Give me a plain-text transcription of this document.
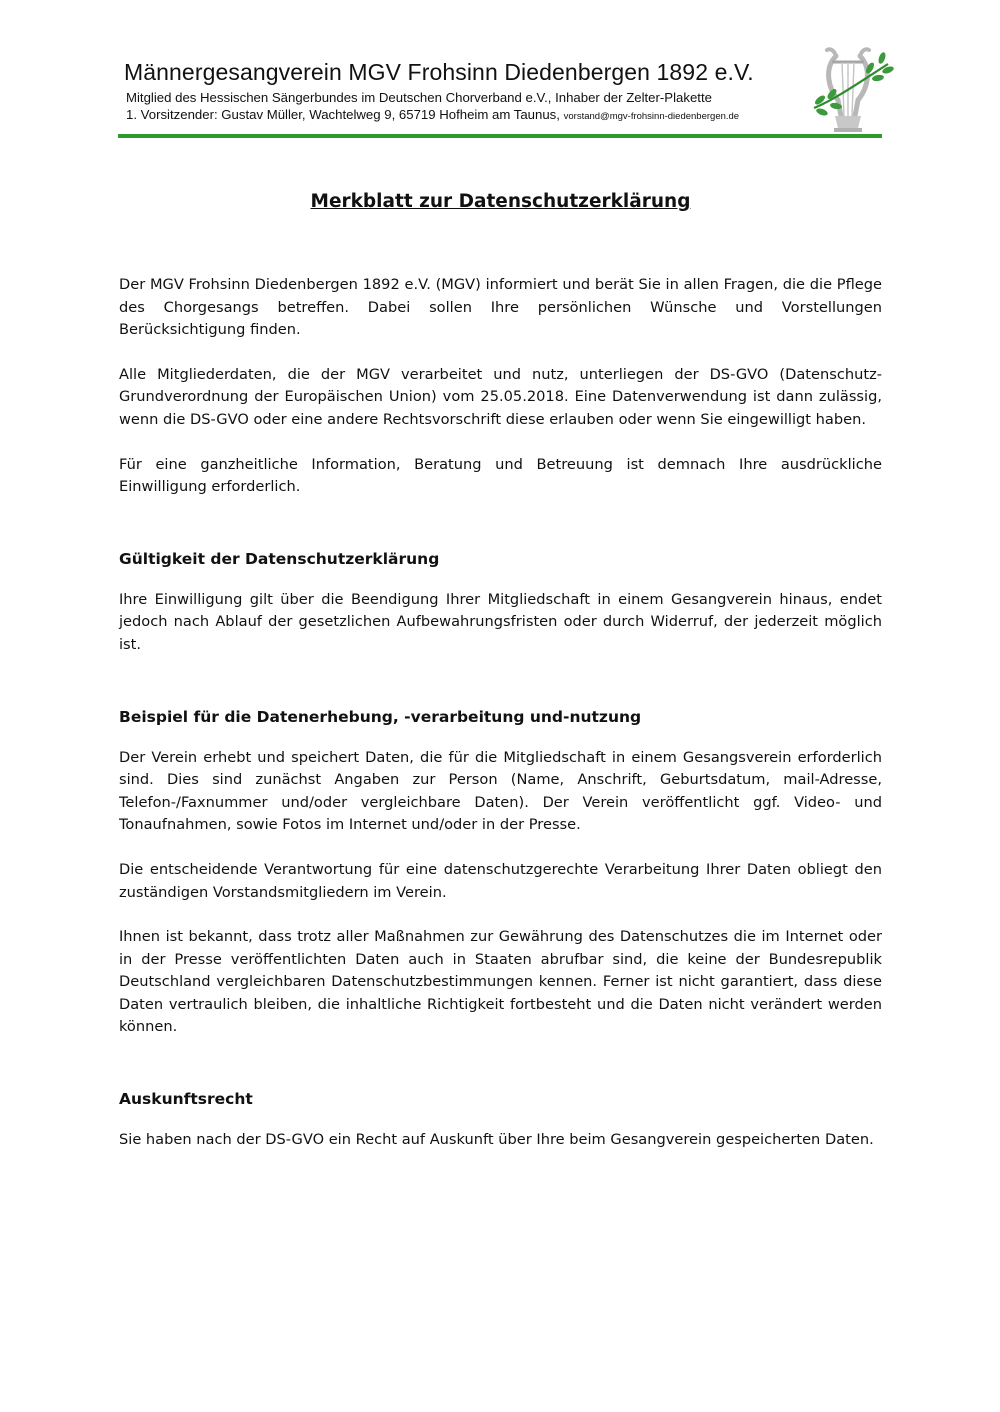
Männergesangverein MGV Frohsinn Diedenbergen 1892 e.V.

Mitglied des Hessischen Sängerbundes im Deutschen Chorverband e.V., Inhaber der Zelter-Plakette

1. Vorsitzender: Gustav Müller, Wachtelweg 9, 65719 Hofheim am Taunus, vorstand@mgv-frohsinn-diedenbergen.de

Merkblatt zur Datenschutzerklärung

Der MGV Frohsinn Diedenbergen 1892 e.V. (MGV) informiert und berät Sie in allen Fragen, die die Pflege des Chorgesangs betreffen. Dabei sollen Ihre persönlichen Wünsche und Vorstellungen Berücksichtigung finden.

Alle Mitgliederdaten, die der MGV verarbeitet und nutz, unterliegen der DS-GVO (Datenschutz-Grundverordnung der Europäischen Union) vom 25.05.2018. Eine Datenverwendung ist dann zulässig, wenn die DS-GVO oder eine andere Rechtsvorschrift diese erlauben oder wenn Sie eingewilligt haben.

Für eine ganzheitliche Information, Beratung und Betreuung ist demnach Ihre ausdrückliche Einwilligung erforderlich.

Gültigkeit der Datenschutzerklärung

Ihre Einwilligung gilt über die Beendigung Ihrer Mitgliedschaft in einem Gesangverein hinaus, endet jedoch nach Ablauf der gesetzlichen Aufbewahrungsfristen oder durch Widerruf, der jederzeit möglich ist.

Beispiel für die Datenerhebung, -verarbeitung und-nutzung

Der Verein erhebt und speichert Daten, die für die Mitgliedschaft in einem Gesangsverein erforderlich sind. Dies sind zunächst Angaben zur Person (Name, Anschrift, Geburtsdatum, mail-Adresse, Telefon-/Faxnummer und/oder vergleichbare Daten). Der Verein veröffentlicht ggf. Video- und Tonaufnahmen, sowie Fotos im Internet und/oder in der Presse.

Die entscheidende Verantwortung für eine datenschutzgerechte Verarbeitung Ihrer Daten obliegt den zuständigen Vorstandsmitgliedern im Verein.

Ihnen ist bekannt, dass trotz aller Maßnahmen zur Gewährung des Datenschutzes die im Internet oder in der Presse veröffentlichten Daten auch in Staaten abrufbar sind, die keine der Bundesrepublik Deutschland vergleichbaren Datenschutzbestimmungen kennen. Ferner ist nicht garantiert, dass diese Daten vertraulich bleiben, die inhaltliche Richtigkeit fortbesteht und die Daten nicht verändert werden können.

Auskunftsrecht

Sie haben nach der DS-GVO ein Recht auf Auskunft über Ihre beim Gesangverein gespeicherten Daten.
